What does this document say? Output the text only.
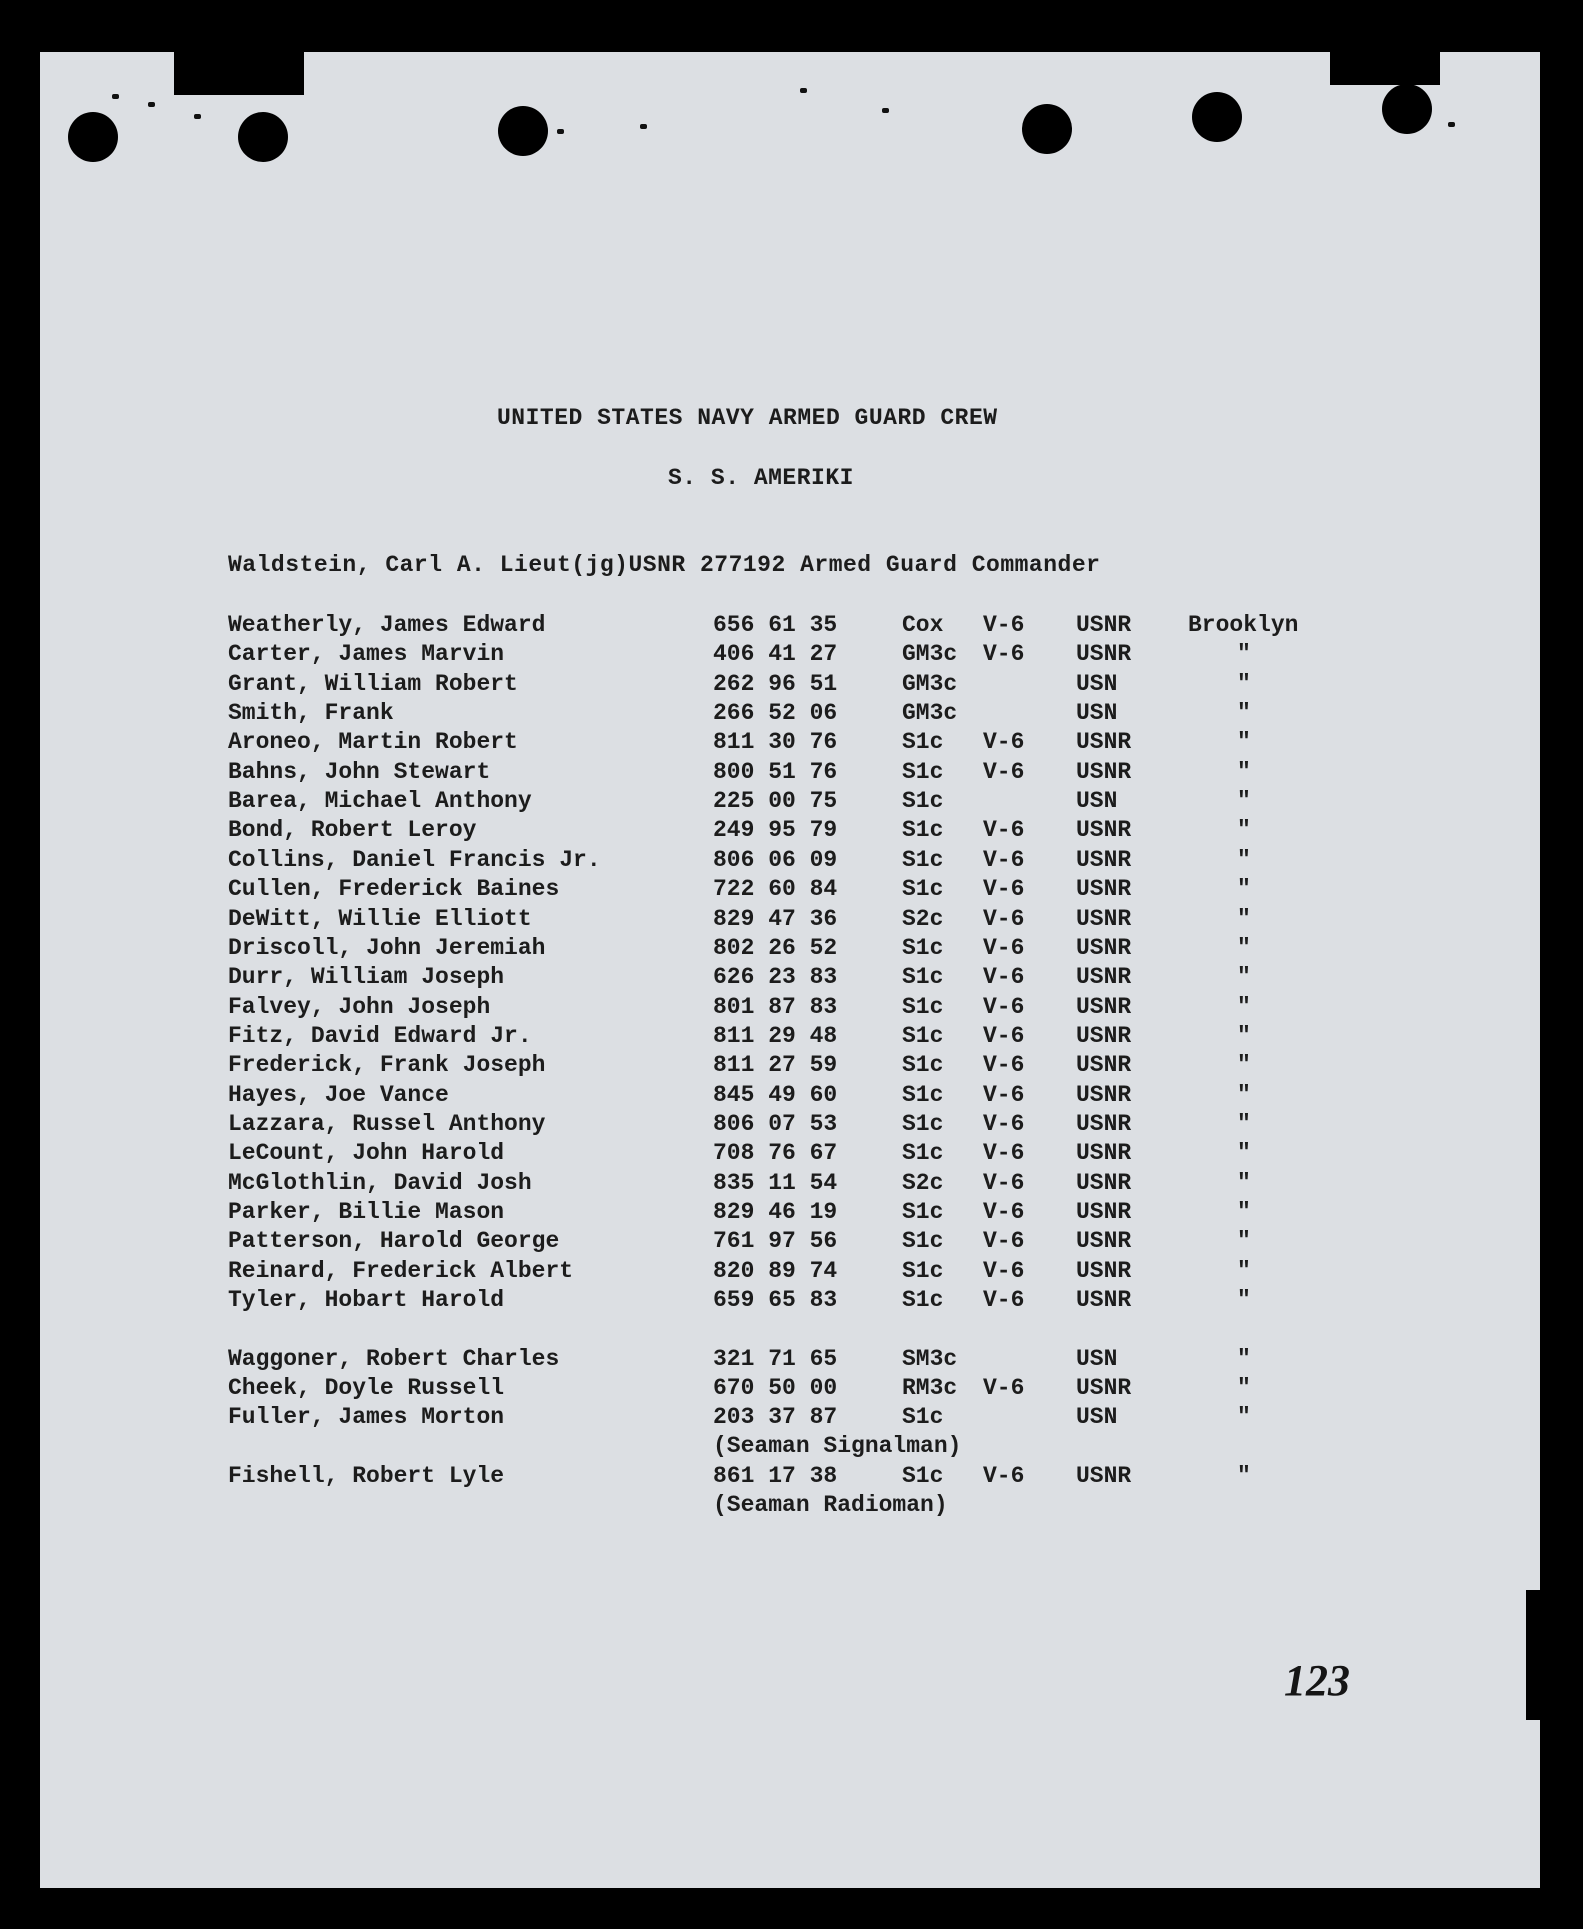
UNITED STATES NAVY ARMED GUARD CREW
S. S. AMERIKI
Waldstein, Carl A. Lieut(jg)USNR 277192 Armed Guard Commander
Weatherly, James Edward	656 61 35	Cox V-6 USNR Brooklyn
Carter, James Marvin	406 41 27	GM3c V-6 USNR	"
Grant, William Robert	262 96 51	GM3c	USN	"
Smith, Frank	266 52 06	GM3c	USN	"
Aroneo, Martin Robert	811 30 76	S1c V-6 USNR	"
Bahns, John Stewart	800 51 76	S1c V-6 USNR	"
Barea, Michael Anthony	225 00 75	S1c	USN	"
Bond, Robert Leroy	249 95 79	S1c V-6 USNR	"
Collins, Daniel Francis Jr.	806 06 09	S1c V-6 USNR	"
Cullen, Frederick Baines	722 60 84	S1c V-6 USNR	"
DeWitt, Willie Elliott	829 47 36	S2c V-6 USNR	"
Driscoll, John Jeremiah	802 26 52	S1c V-6 USNR	"
Durr, William Joseph	626 23 83	S1c V-6 USNR	"
Falvey, John Joseph	801 87 83	S1c V-6 USNR	"
Fitz, David Edward Jr.	811 29 48	S1c V-6 USNR	"
Frederick, Frank Joseph	811 27 59	S1c V-6 USNR	"
Hayes, Joe Vance	845 49 60	S1c V-6 USNR	"
Lazzara, Russel Anthony	806 07 53	S1c V-6 USNR	"
LeCount, John Harold	708 76 67	S1c V-6 USNR	"
McGlothlin, David Josh	835 11 54	S2c V-6 USNR	"
Parker, Billie Mason	829 46 19	S1c V-6 USNR	"
Patterson, Harold George	761 97 56	S1c V-6 USNR	"
Reinard, Frederick Albert	820 89 74	S1c V-6 USNR	"
Tyler, Hobart Harold	659 65 83	S1c V-6 USNR	"
Waggoner, Robert Charles	321 71 65	SM3c	USN	"
Cheek, Doyle Russell	670 50 00	RM3c V-6 USNR	"
Fuller, James Morton	203 37 87	S1c	USN	"
Fishell, Robert Lyle	861 17 38	S1c V-6 USNR	"
(Seaman Signalman)
(Seaman Radioman)
123
